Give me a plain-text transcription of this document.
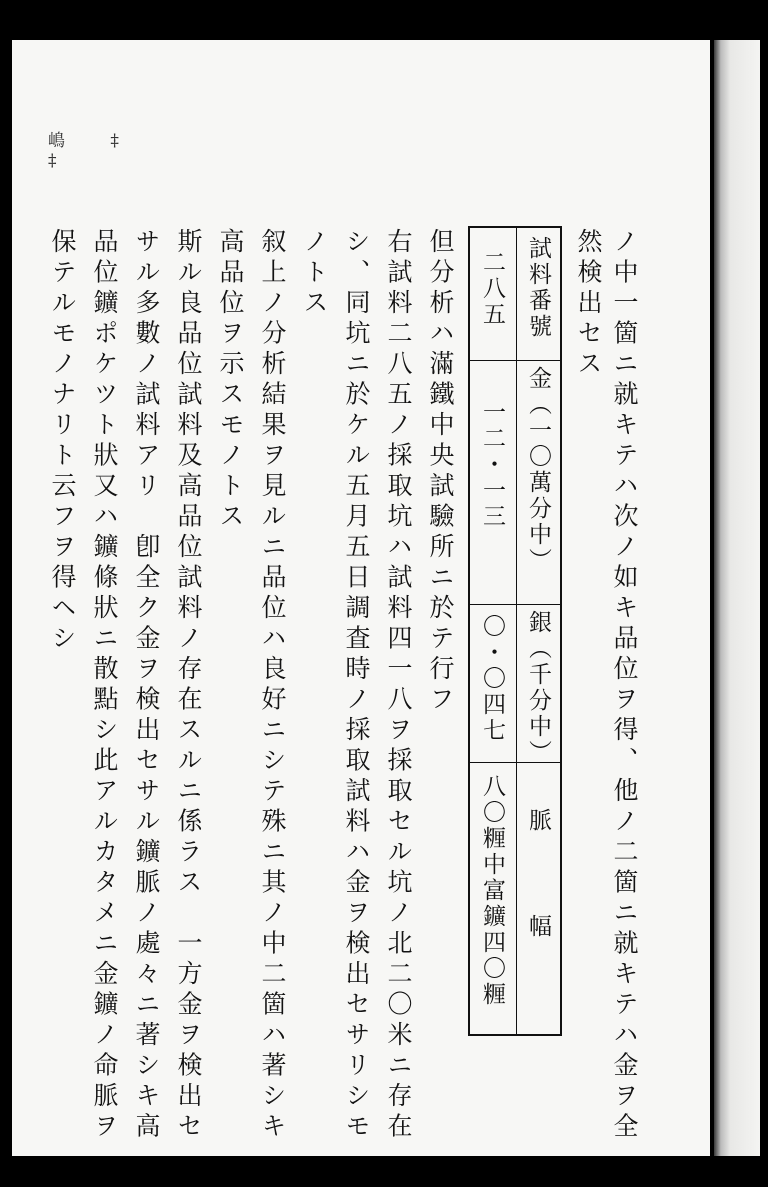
嶋 ‡ ‡
ノ中一箇ニ就キテハ次ノ如キ品位ヲ得、他ノ二箇ニ就キテハ金ヲ全
然検出セス
試料番號
金（一〇萬分中）
銀（千分中）
脈　幅
二八五
一二・一三
〇・〇四七
八〇糎中富鑛四〇糎
但分析ハ滿鐵中央試驗所ニ於テ行フ
右試料二八五ノ採取坑ハ試料四一八ヲ採取セル坑ノ北二〇米ニ存在
シ、同坑ニ於ケル五月五日調査時ノ採取試料ハ金ヲ検出セサリシモ
ノトス
叙上ノ分析結果ヲ見ルニ品位ハ良好ニシテ殊ニ其ノ中二箇ハ著シキ
高品位ヲ示スモノトス
斯ル良品位試料及高品位試料ノ存在スルニ係ラス　一方金ヲ検出セ
サル多數ノ試料アリ　卽全ク金ヲ検出セサル鑛脈ノ處々ニ著シキ高
品位鑛ポケツト狀又ハ鑛條狀ニ散點シ此アルカタメニ金鑛ノ命脈ヲ
保テルモノナリト云フヲ得ヘシ
